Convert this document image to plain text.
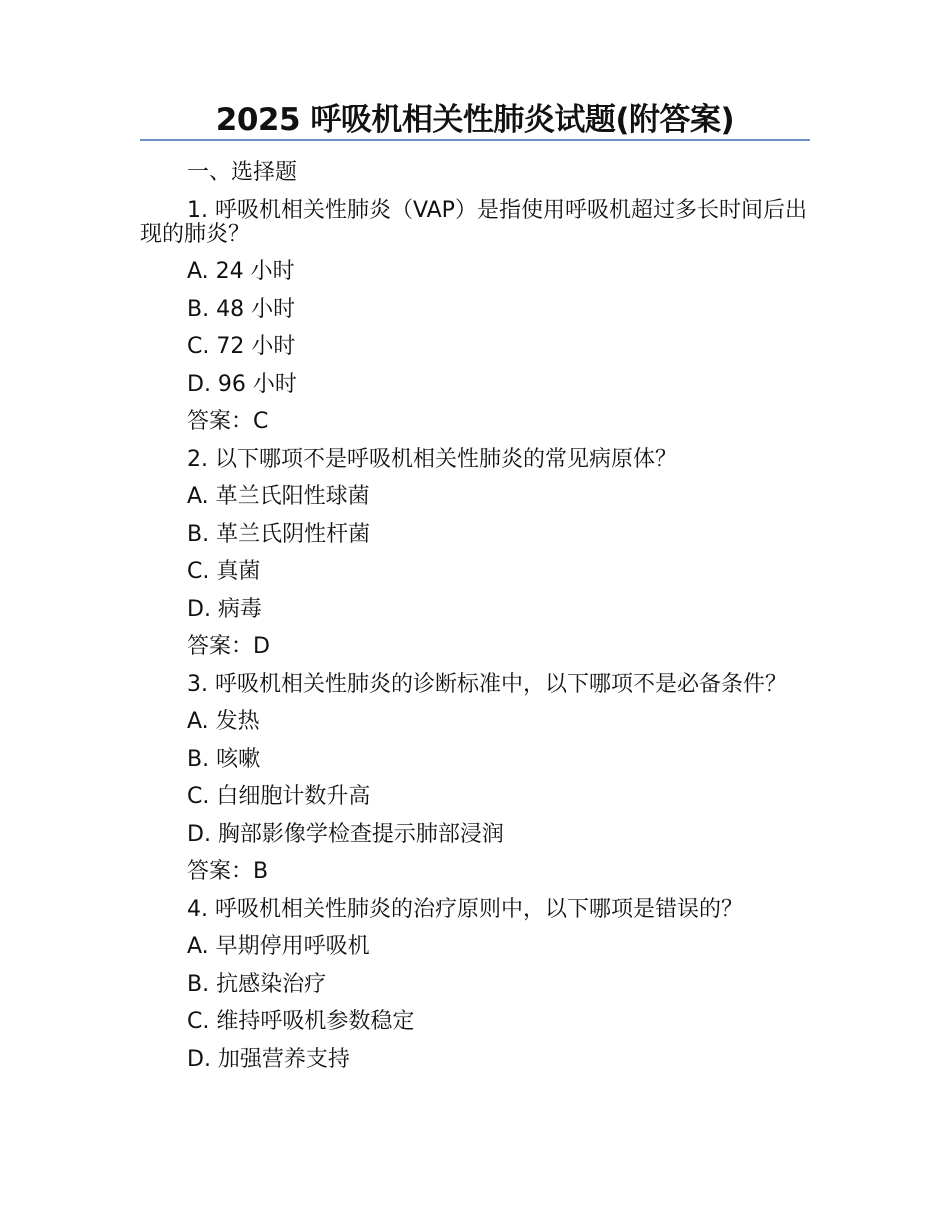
2025 呼吸机相关性肺炎试题(附答案)
一、选择题
1. 呼吸机相关性肺炎（VAP）是指使用呼吸机超过多长时间后出现的肺炎？
A. 24 小时
B. 48 小时
C. 72 小时
D. 96 小时
答案：C
2. 以下哪项不是呼吸机相关性肺炎的常见病原体？
A. 革兰氏阳性球菌
B. 革兰氏阴性杆菌
C. 真菌
D. 病毒
答案：D
3. 呼吸机相关性肺炎的诊断标准中，以下哪项不是必备条件？
A. 发热
B. 咳嗽
C. 白细胞计数升高
D. 胸部影像学检查提示肺部浸润
答案：B
4. 呼吸机相关性肺炎的治疗原则中，以下哪项是错误的？
A. 早期停用呼吸机
B. 抗感染治疗
C. 维持呼吸机参数稳定
D. 加强营养支持
